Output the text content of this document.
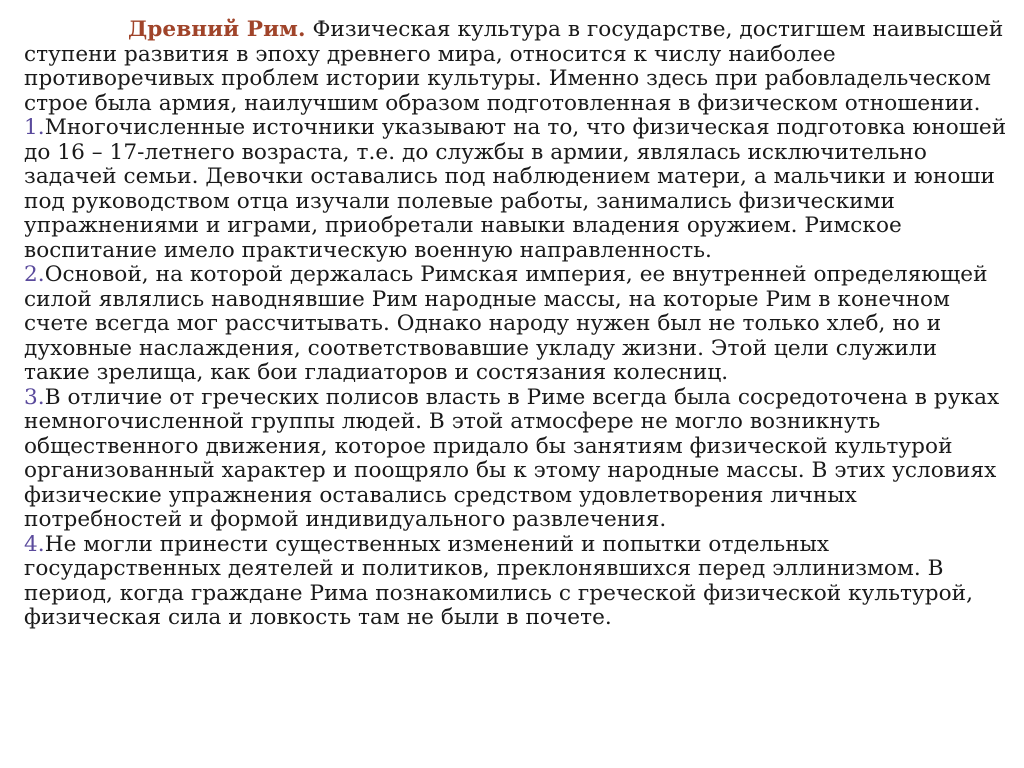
Древний Рим. Физическая культура в государстве, достигшем наивысшей ступени развития в эпоху древнего мира, относится к числу наиболее противоречивых проблем истории культуры. Именно здесь при рабовладельческом строе была армия, наилучшим образом подготовленная в физическом отношении.

1.Многочисленные источники указывают на то, что физическая подготовка юношей до 16 – 17-летнего возраста, т.е. до службы в армии, являлась исключительно задачей семьи. Девочки оставались под наблюдением матери, а мальчики и юноши под руководством отца изучали полевые работы, занимались физическими упражнениями и играми, приобретали навыки владения оружием. Римское воспитание имело практическую военную направленность.

2.Основой, на которой держалась Римская империя, ее внутренней определяющей силой являлись наводнявшие Рим народные массы, на которые Рим в конечном счете всегда мог рассчитывать. Однако народу нужен был не только хлеб, но и духовные наслаждения, соответствовавшие укладу жизни. Этой цели служили такие зрелища, как бои гладиаторов и состязания колесниц.

3.В отличие от греческих полисов власть в Риме всегда была сосредоточена в руках немногочисленной группы людей. В этой атмосфере не могло возникнуть общественного движения, которое придало бы занятиям физической культурой организованный характер и поощряло бы к этому народные массы. В этих условиях физические упражнения оставались средством удовлетворения личных потребностей и формой индивидуального развлечения.

4.Не могли принести существенных изменений и попытки отдельных государственных деятелей и политиков, преклонявшихся перед эллинизмом. В период, когда граждане Рима познакомились с греческой физической культурой, физическая сила и ловкость там не были в почете.
